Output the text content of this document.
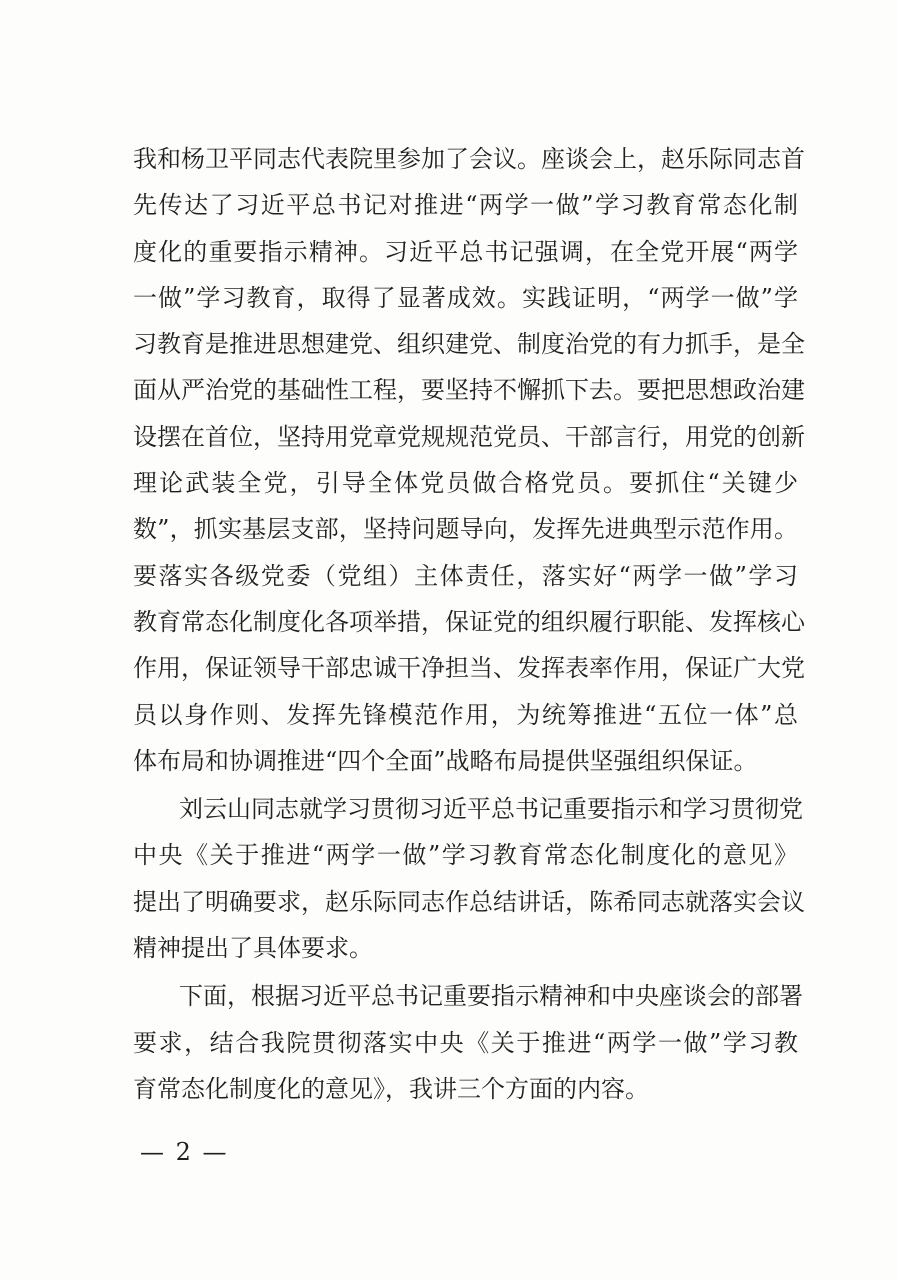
我和杨卫平同志代表院里参加了会议。座谈会上，赵乐际同志首
先传达了习近平总书记对推进“两学一做”学习教育常态化制
度化的重要指示精神。习近平总书记强调，在全党开展“两学
一做”学习教育，取得了显著成效。实践证明，“两学一做”学
习教育是推进思想建党、组织建党、制度治党的有力抓手，是全
面从严治党的基础性工程，要坚持不懈抓下去。要把思想政治建
设摆在首位，坚持用党章党规规范党员、干部言行，用党的创新
理论武装全党，引导全体党员做合格党员。要抓住“关键少
数”，抓实基层支部，坚持问题导向，发挥先进典型示范作用。
要落实各级党委（党组）主体责任，落实好“两学一做”学习
教育常态化制度化各项举措，保证党的组织履行职能、发挥核心
作用，保证领导干部忠诚干净担当、发挥表率作用，保证广大党
员以身作则、发挥先锋模范作用，为统筹推进“五位一体”总
体布局和协调推进“四个全面”战略布局提供坚强组织保证。
刘云山同志就学习贯彻习近平总书记重要指示和学习贯彻党
中央《关于推进“两学一做”学习教育常态化制度化的意见》
提出了明确要求，赵乐际同志作总结讲话，陈希同志就落实会议
精神提出了具体要求。
下面，根据习近平总书记重要指示精神和中央座谈会的部署
要求，结合我院贯彻落实中央《关于推进“两学一做”学习教
育常态化制度化的意见》，我讲三个方面的内容。
— 2 —
